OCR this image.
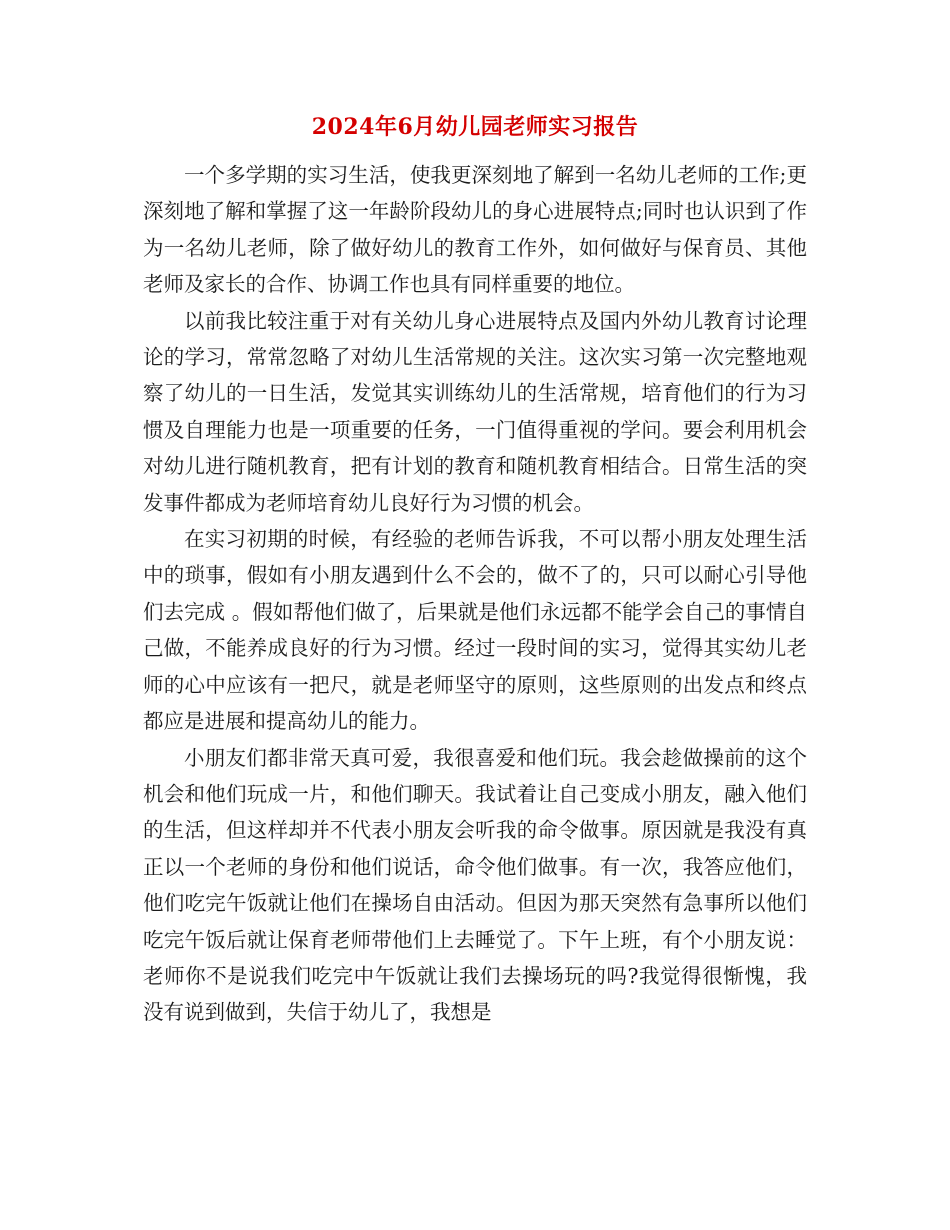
2024年6月幼儿园老师实习报告

一个多学期的实习生活，使我更深刻地了解到一名幼儿老师的工作;更深刻地了解和掌握了这一年龄阶段幼儿的身心进展特点;同时也认识到了作为一名幼儿老师，除了做好幼儿的教育工作外，如何做好与保育员、其他老师及家长的合作、协调工作也具有同样重要的地位。

以前我比较注重于对有关幼儿身心进展特点及国内外幼儿教育讨论理论的学习，常常忽略了对幼儿生活常规的关注。这次实习第一次完整地观察了幼儿的一日生活，发觉其实训练幼儿的生活常规，培育他们的行为习惯及自理能力也是一项重要的任务，一门值得重视的学问。要会利用机会对幼儿进行随机教育，把有计划的教育和随机教育相结合。日常生活的突发事件都成为老师培育幼儿良好行为习惯的机会。

在实习初期的时候，有经验的老师告诉我，不可以帮小朋友处理生活中的琐事，假如有小朋友遇到什么不会的，做不了的，只可以耐心引导他们去完成 。假如帮他们做了，后果就是他们永远都不能学会自己的事情自己做，不能养成良好的行为习惯。经过一段时间的实习，觉得其实幼儿老师的心中应该有一把尺，就是老师坚守的原则，这些原则的出发点和终点都应是进展和提高幼儿的能力。

小朋友们都非常天真可爱，我很喜爱和他们玩。我会趁做操前的这个机会和他们玩成一片，和他们聊天。我试着让自己变成小朋友，融入他们的生活，但这样却并不代表小朋友会听我的命令做事。原因就是我没有真正以一个老师的身份和他们说话，命令他们做事。有一次，我答应他们，他们吃完午饭就让他们在操场自由活动。但因为那天突然有急事所以他们吃完午饭后就让保育老师带他们上去睡觉了。下午上班，有个小朋友说：老师你不是说我们吃完中午饭就让我们去操场玩的吗?我觉得很惭愧，我没有说到做到，失信于幼儿了，我想是
